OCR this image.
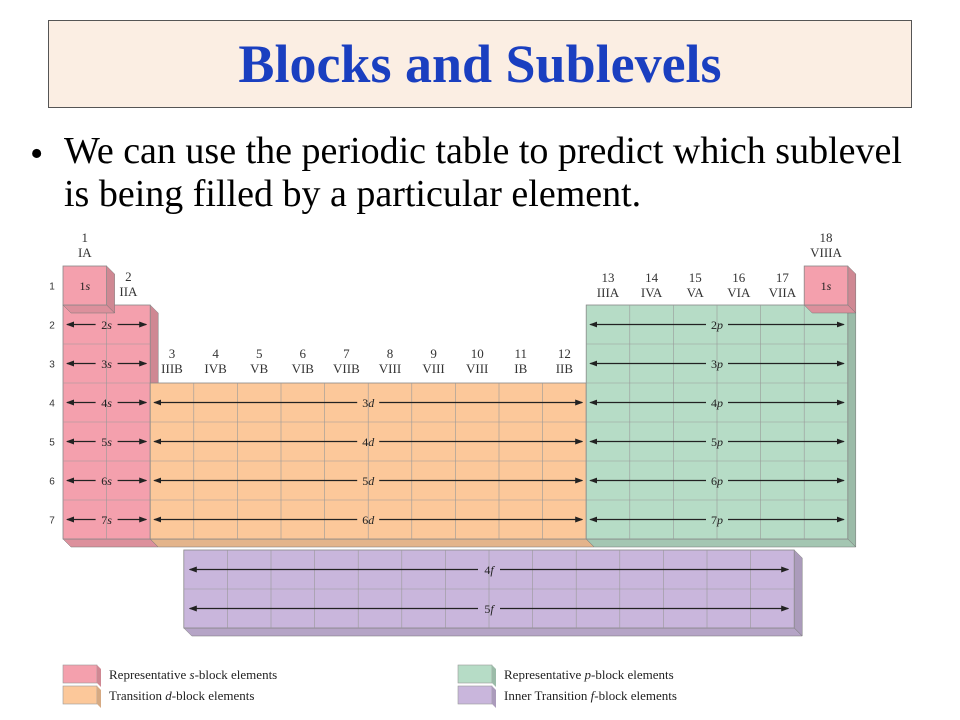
Blocks and Sublevels
• We can use the periodic table to predict which sublevel is being filled by a particular element.
4f
5f
1s
2s
3s
4s
5s
6s
7s
3d
4d
5d
6d
2p
3p
4p
5p
6p
7p
1s
1
2
3
4
5
6
7
1
IA
2
IIA
3
IIIB
4
IVB
5
VB
6
VIB
7
VIIB
8
VIII
9
VIII
10
VIII
11
IB
12
IIB
13
IIIA
14
IVA
15
VA
16
VIA
17
VIIA
18
VIIIA
Representative s-block elements
Transition d-block elements
Representative p-block elements
Inner Transition f-block elements
